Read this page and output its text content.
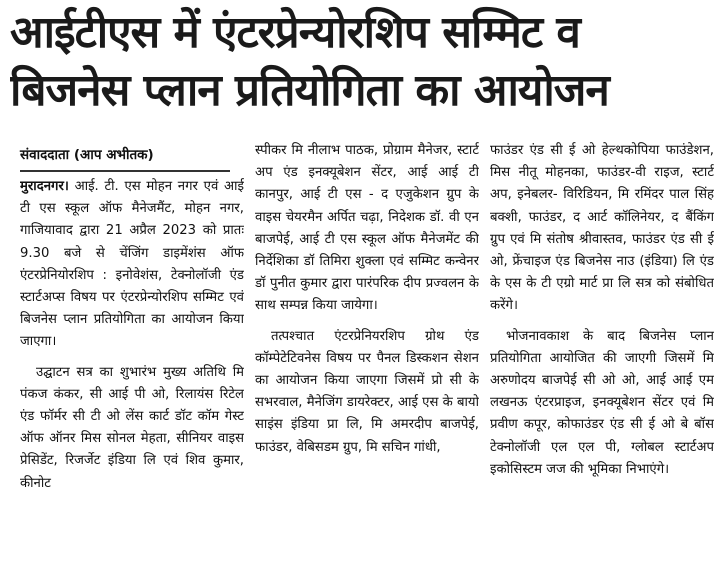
आईटीएस में एंटरप्रेन्योरशिप सम्मिट व
बिजनेस प्लान प्रतियोगिता का आयोजन
संवाददाता (आप अभीतक)

मुरादनगर। आई. टी. एस मोहन नगर एवं आई टी एस स्कूल ऑफ मैनेजमैंट, मोहन नगर, गाजियावाद द्वारा 21 अप्रैल 2023 को प्रातः 9.30 बजे से चेंजिंग डाइमेंशंस ऑफ एंटरप्रेनियोरशिप : इनोवेशंस, टेक्नोलॉजी एंड स्टार्टअप्स विषय पर एंटरप्रेन्योरशिप सम्मिट एवं बिजनेस प्लान प्रतियोगिता का आयोजन किया जाएगा।

उद्घाटन सत्र का शुभारंभ मुख्य अतिथि मि पंकज कंकर, सी आई पी ओ, रिलायंस रिटेल एंड फॉर्मर सी टी ओ लेंस कार्ट डॉट कॉम गेस्ट ऑफ ऑनर मिस सोनल मेहता, सीनियर वाइस प्रेसिडेंट, रिजर्जेट इंडिया लि एवं शिव कुमार, कीनोट

स्पीकर मि नीलाभ पाठक, प्रोग्राम मैनेजर, स्टार्ट अप एंड इनक्यूबेशन सेंटर, आई आई टी कानपुर, आई टी एस - द एजुकेशन ग्रुप के वाइस चेयरमैन अर्पित चढ़ा, निदेशक डॉ. वी एन बाजपेई, आई टी एस स्कूल ऑफ मैनेजमेंट की निर्देशिका डॉ तिमिरा शुक्ला एवं सम्मिट कन्वेनर डॉ पुनीत कुमार द्वारा पारंपरिक दीप प्रज्वलन के साथ सम्पन्न किया जायेगा।

तत्पश्चात एंटरप्रेनियरशिप ग्रोथ एंड कॉम्पेटेटिवनेस विषय पर पैनल डिस्कशन सेशन का आयोजन किया जाएगा जिसमें प्रो सी के सभरवाल, मैनेजिंग डायरेक्टर, आई एस के बायो साइंस इंडिया प्रा लि, मि अमरदीप बाजपेई, फाउंडर, वेबिसडम ग्रुप, मि सचिन गांधी,

फाउंडर एंड सी ई ओ हेल्थकोपिया फाउंडेशन, मिस नीतू मोहनका, फाउंडर-वी राइज, स्टार्ट अप, इनेबलर- विरिडियन, मि रमिंदर पाल सिंह बक्शी, फाउंडर, द आर्ट कॉलिनेयर, द बैंकिंग ग्रुप एवं मि संतोष श्रीवास्तव, फाउंडर एंड सी ई ओ, फ्रेंचाइज एंड बिजनेस नाउ (इंडिया) लि एंड के एस के टी एग्रो मार्ट प्रा लि सत्र को संबोधित करेंगे।

भोजनावकाश के बाद बिजनेस प्लान प्रतियोगिता आयोजित की जाएगी जिसमें मि अरुणोदय बाजपेई सी ओ ओ, आई आई एम लखनऊ एंटरप्राइज, इनक्यूबेशन सेंटर एवं मि प्रवीण कपूर, कोफाउंडर एंड सी ई ओ बे बॉस टेक्नोलॉजी एल एल पी, ग्लोबल स्टार्टअप इकोसिस्टम जज की भूमिका निभाएंगे।
